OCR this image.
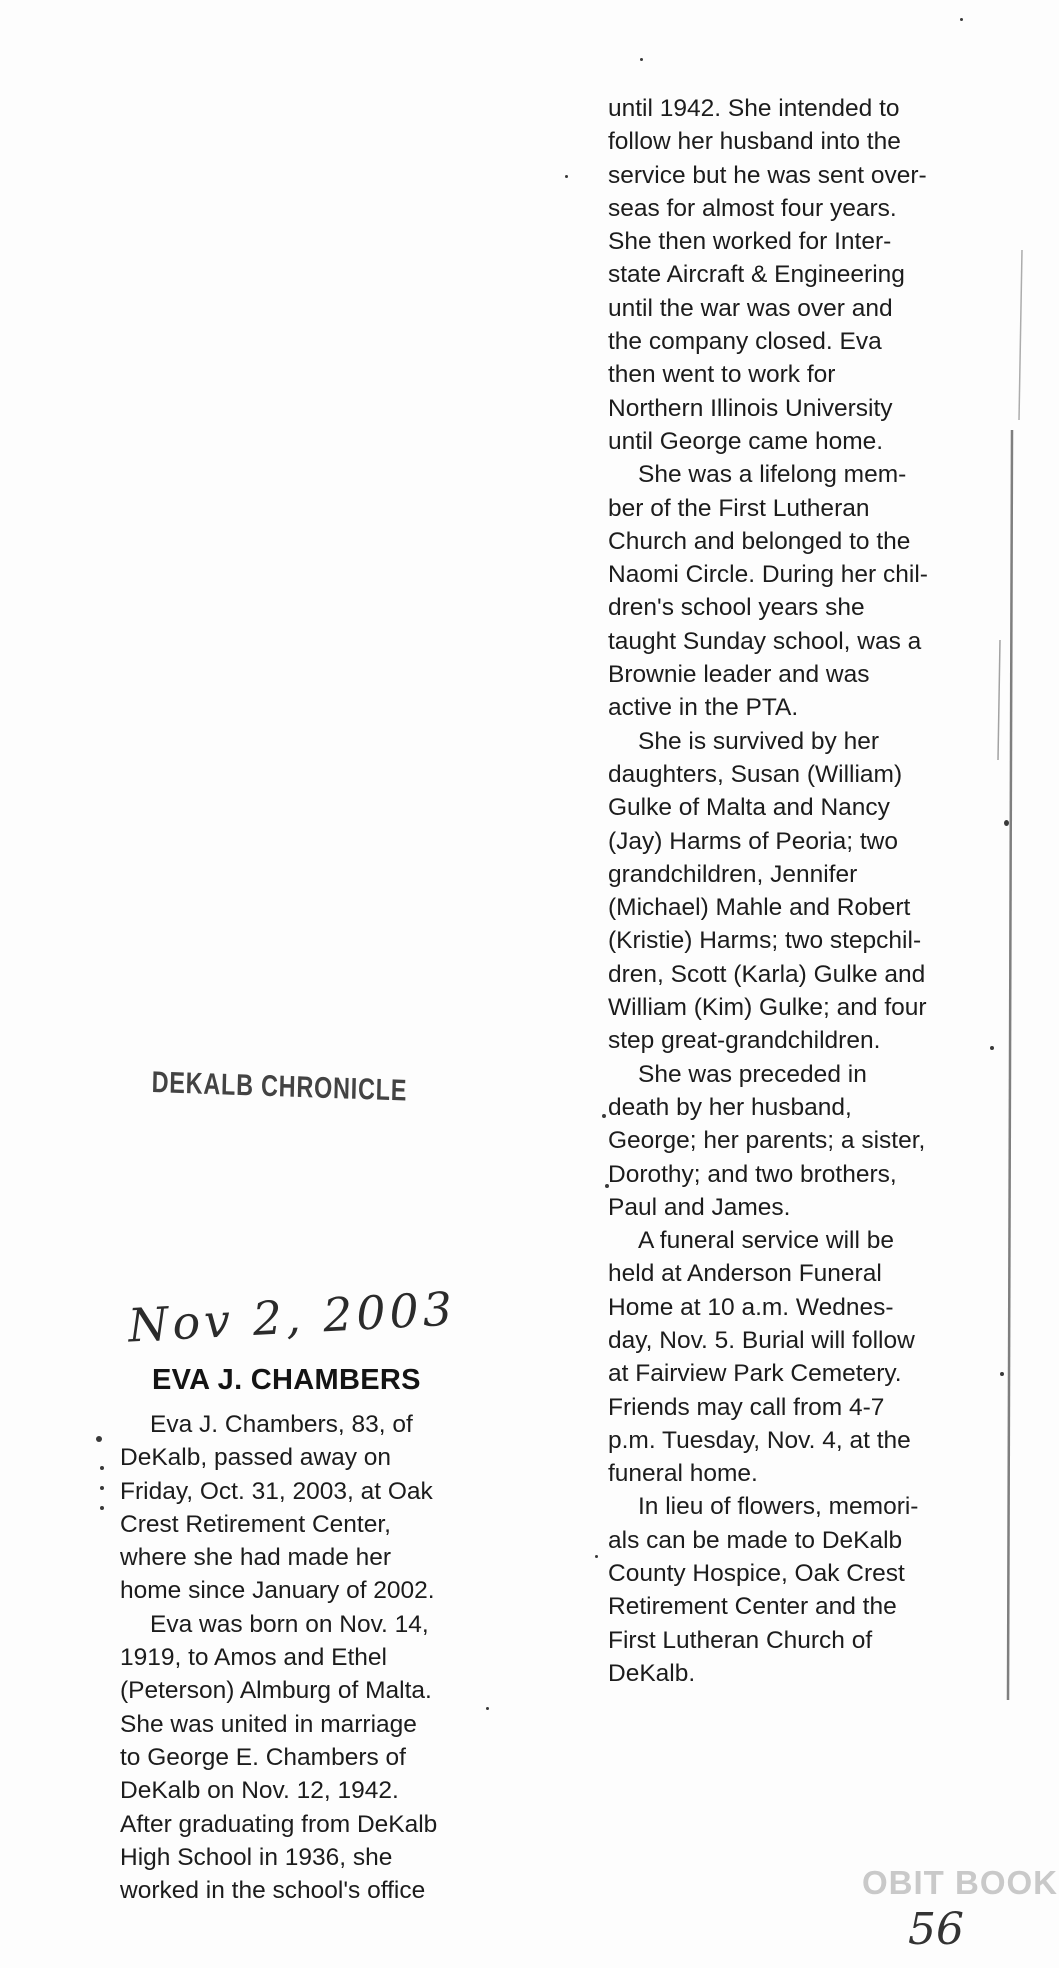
DEKALB CHRONICLE
Nov 2, 2003
EVA J. CHAMBERS
Eva J. Chambers, 83, of
DeKalb, passed away on
Friday, Oct. 31, 2003, at Oak
Crest Retirement Center,
where she had made her
home since January of 2002.
Eva was born on Nov. 14,
1919, to Amos and Ethel
(Peterson) Almburg of Malta.
She was united in marriage
to George E. Chambers of
DeKalb on Nov. 12, 1942.
After graduating from DeKalb
High School in 1936, she
worked in the school's office
until 1942. She intended to
follow her husband into the
service but he was sent over-
seas for almost four years.
She then worked for Inter-
state Aircraft & Engineering
until the war was over and
the company closed. Eva
then went to work for
Northern Illinois University
until George came home.
She was a lifelong mem-
ber of the First Lutheran
Church and belonged to the
Naomi Circle. During her chil-
dren's school years she
taught Sunday school, was a
Brownie leader and was
active in the PTA.
She is survived by her
daughters, Susan (William)
Gulke of Malta and Nancy
(Jay) Harms of Peoria; two
grandchildren, Jennifer
(Michael) Mahle and Robert
(Kristie) Harms; two stepchil-
dren, Scott (Karla) Gulke and
William (Kim) Gulke; and four
step great-grandchildren.
She was preceded in
death by her husband,
George; her parents; a sister,
Dorothy; and two brothers,
Paul and James.
A funeral service will be
held at Anderson Funeral
Home at 10 a.m. Wednes-
day, Nov. 5. Burial will follow
at Fairview Park Cemetery.
Friends may call from 4-7
p.m. Tuesday, Nov. 4, at the
funeral home.
In lieu of flowers, memori-
als can be made to DeKalb
County Hospice, Oak Crest
Retirement Center and the
First Lutheran Church of
DeKalb.
OBIT BOOK
56
